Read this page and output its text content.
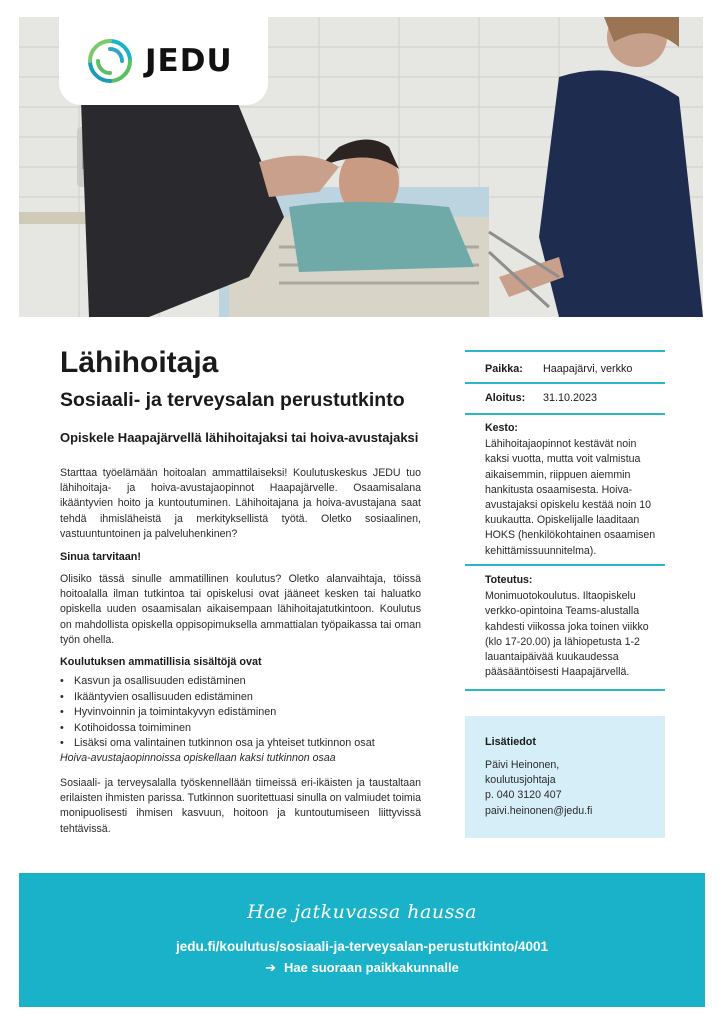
JEDU
Lähihoitaja
Sosiaali- ja terveysalan perustutkinto

Opiskele Haapajärvellä lähihoitajaksi tai hoiva-avustajaksi

Starttaa työelämään hoitoalan ammattilaiseksi! Koulutuskeskus JEDU tuo lähihoitaja- ja hoiva-avustajaopinnot Haapajärvelle. Osaamisalana ikääntyvien hoito ja kuntoutuminen. Lähihoitajana ja hoiva-avustajana saat tehdä ihmisläheistä ja merkityksellistä työtä. Oletko sosiaalinen, vastuuntuntoinen ja palveluhenkinen?

Sinua tarvitaan!

Olisiko tässä sinulle ammatillinen koulutus? Oletko alanvaihtaja, töissä hoitoalalla ilman tutkintoa tai opiskelusi ovat jääneet kesken tai haluatko opiskella uuden osaamisalan aikaisempaan lähihoitajatutkintoon. Koulutus on mahdollista opiskella oppisopimuksella ammattialan työpaikassa tai oman työn ohella.

Koulutuksen ammatillisia sisältöjä ovat

• Kasvun ja osallisuuden edistäminen
• Ikääntyvien osallisuuden edistäminen
• Hyvinvoinnin ja toimintakyvyn edistäminen
• Kotihoidossa toimiminen
• Lisäksi oma valintainen tutkinnon osa ja yhteiset tutkinnon osat

Hoiva-avustajaopinnoissa opiskellaan kaksi tutkinnon osaa

Sosiaali- ja terveysalalla työskennellään tiimeissä eri-ikäisten ja taustaltaan erilaisten ihmisten parissa. Tutkinnon suoritettuasi sinulla on valmiudet toimia monipuolisesti ihmisen kasvuun, hoitoon ja kuntoutumiseen liittyvissä tehtävissä.

Paikka: Haapajärvi, verkko
Aloitus: 31.10.2023
Kesto:
Lähihoitajaopinnot kestävät noin kaksi vuotta, mutta voit valmistua aikaisemmin, riippuen aiemmin hankitusta osaamisesta. Hoiva-avustajaksi opiskelu kestää noin 10 kuukautta. Opiskelijalle laaditaan HOKS (henkilökohtainen osaamisen kehittämissuunnitelma).
Toteutus:
Monimuotokoulutus. Iltaopiskelu verkko-opintoina Teams-alustalla kahdesti viikossa joka toinen viikko (klo 17-20.00) ja lähiopetusta 1-2 lauantaipäivää kuukaudessa pääsääntöisesti Haapajärvellä.
Lisätiedot
Päivi Heinonen,
koulutusjohtaja
p. 040 3120 407
paivi.heinonen@jedu.fi
Hae jatkuvassa haussa
jedu.fi/koulutus/sosiaali-ja-terveysalan-perustutkinto/4001
➔ Hae suoraan paikkakunnalle
